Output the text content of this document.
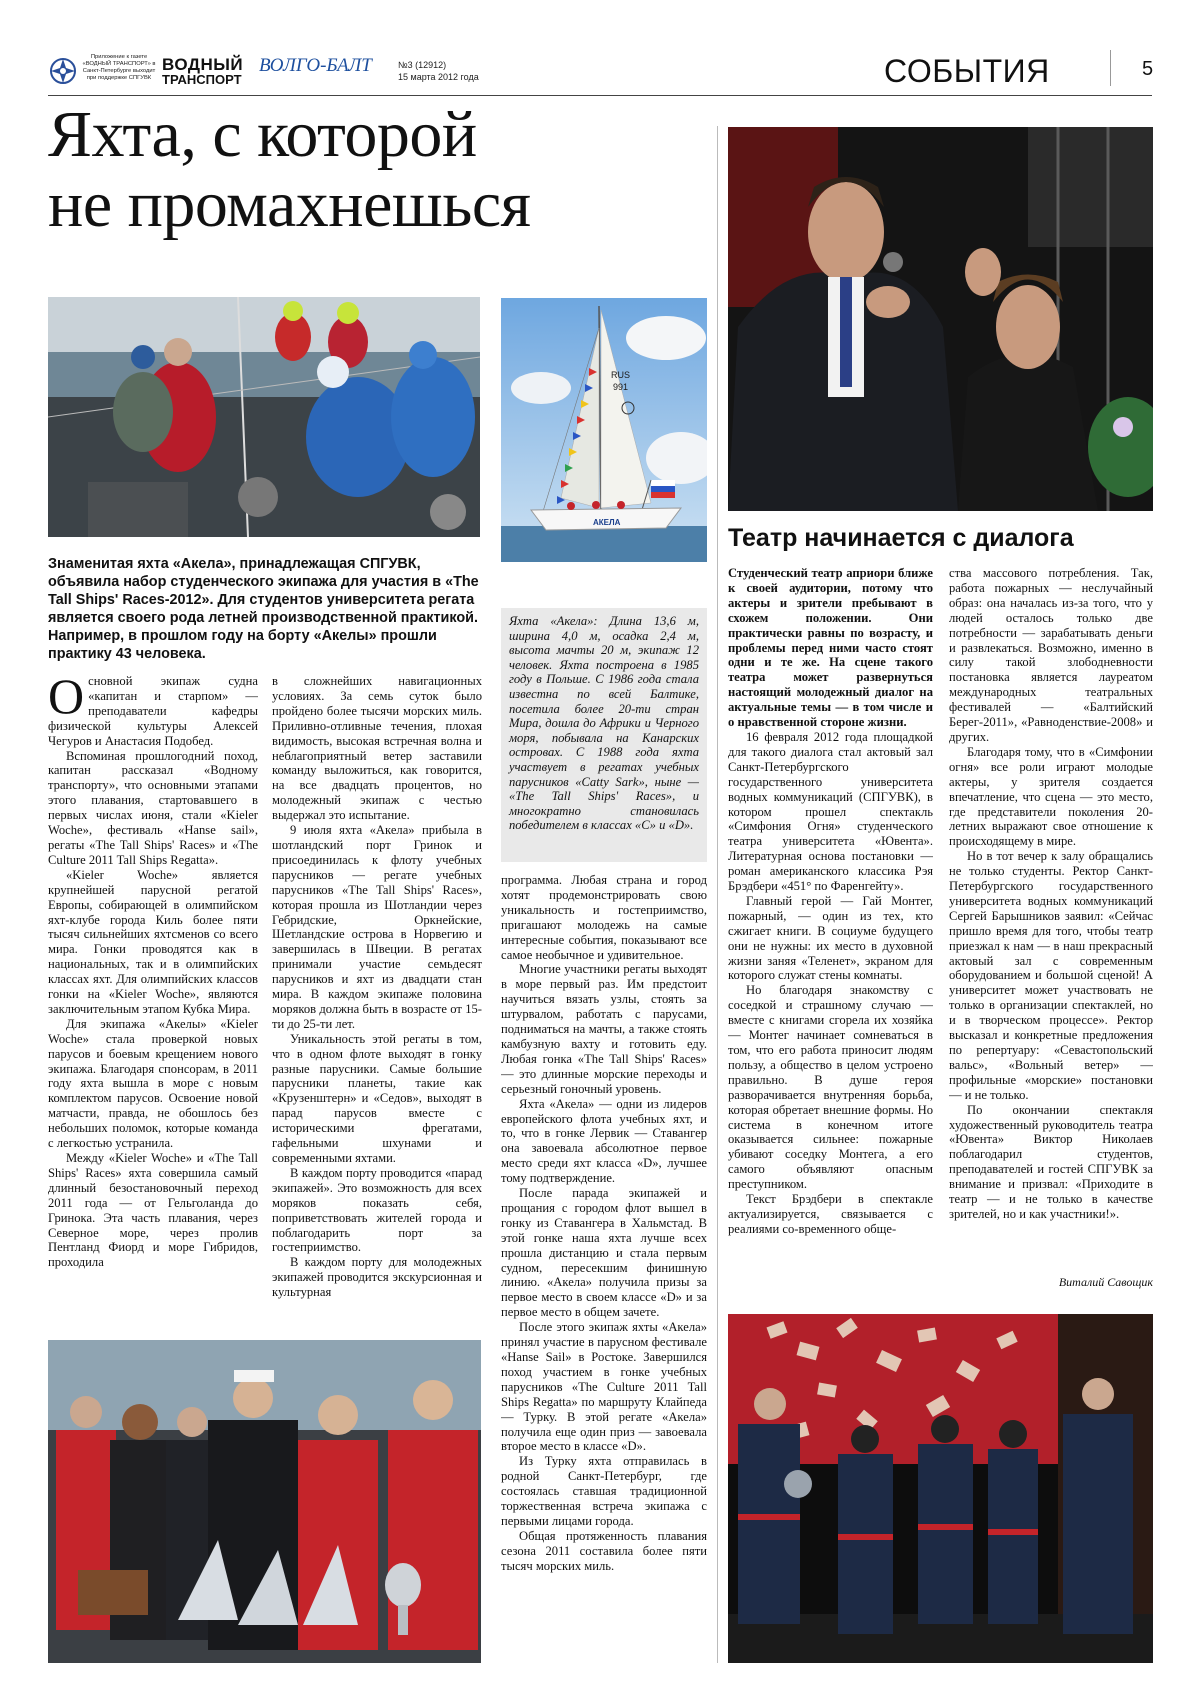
Приложение к газете «ВОДНЫЙ ТРАНСПОРТ» в Санкт-Петербурге выходит при поддержке СПГУВК
ВОДНЫЙ
ТРАНСПОРТ
ВОЛГО-БАЛТ	№3 (12912)
15 марта 2012 года	СОБЫТИЯ	5
Яхта, с которой
не промахнешься
RUS
991
АКЕЛА
Яхта «Акела»: Длина 13,6 м, ширина 4,0 м, осадка 2,4 м, высота мачты 20 м, экипаж 12 человек. Яхта построена в 1985 году в Польше. С 1986 года стала известна по всей Балтике, посетила более 20-ти стран Мира, дошла до Африки и Черного моря, побывала на Канарских островах. С 1988 года яхта участвует в регатах учебных парусников «Catty Sark», ныне — «The Tall Ships' Races», и многократно становилась победителем в классах «С» и «D».
Знаменитая яхта «Акела», принадлежащая СПГУВК, объявила набор студенческого экипажа для участия в «The Tall Ships' Races-2012». Для студентов университета регата является своего рода летней производственной практикой. Например, в прошлом году на борту «Акелы» прошли практику 43 человека.
О сновной экипаж судна «капитан и старпом» — преподаватели кафедры физической культуры Алексей Чегуров и Анастасия Подобед.

Вспоминая прошлогодний поход, капитан рассказал «Водному транспорту», что основными этапами этого плавания, стартовавшего в первых числах июня, стали «Kieler Woche», фестиваль «Hanse sail», регаты «The Tall Ships' Races» и «The Culture 2011 Tall Ships Regatta».

«Kieler Woche» является крупнейшей парусной регатой Европы, собирающей в олимпийском яхт-клубе города Киль более пяти тысяч сильнейших яхтсменов со всего мира. Гонки проводятся как в национальных, так и в олимпийских классах яхт. Для олимпийских классов гонки на «Kieler Woche», являются заключительным этапом Кубка Мира.

Для экипажа «Акелы» «Kieler Woche» стала проверкой новых парусов и боевым крещением нового экипажа. Благодаря спонсорам, в 2011 году яхта вышла в море с новым комплектом парусов. Освоение новой матчасти, правда, не обошлось без небольших поломок, которые команда с легкостью устранила.

Между «Kieler Woche» и «The Tall Ships' Races» яхта совершила самый длинный безостановочный переход 2011 года — от Гельголанда до Гринока. Эта часть плавания, через Северное море, через пролив Пентланд Фиорд и море Гибридов, проходила

в сложнейших навигационных условиях. За семь суток было пройдено более тысячи морских миль. Приливно-отливные течения, плохая видимость, высокая встречная волна и неблагоприятный ветер заставили команду выложиться, как говорится, на все двадцать процентов, но молодежный экипаж с честью выдержал это испытание.

9 июля яхта «Акела» прибыла в шотландский порт Гринок и присоединилась к флоту учебных парусников — регате учебных парусников «The Tall Ships' Races», которая прошла из Шотландии через Гебридские, Оркнейские, Шетландские острова в Норвегию и завершилась в Швеции. В регатах принимали участие семьдесят парусников и яхт из двадцати стан мира. В каждом экипаже половина моряков должна быть в возрасте от 15-ти до 25-ти лет.

Уникальность этой регаты в том, что в одном флоте выходят в гонку разные парусники. Самые большие парусники планеты, такие как «Крузенштерн» и «Седов», выходят в парад парусов вместе с историческими фрегатами, гафельными шхунами и современными яхтами.

В каждом порту проводится «парад экипажей». Это возможность для всех моряков показать себя, поприветствовать жителей города и поблагодарить порт за гостеприимство.

В каждом порту для молодежных экипажей проводится экскурсионная и культурная

программа. Любая страна и город хотят продемонстрировать свою уникальность и гостеприимство, пригашают молодежь на самые интересные события, показывают все самое необычное и удивительное.

Многие участники регаты выходят в море первый раз. Им предстоит научиться вязать узлы, стоять за штурвалом, работать с парусами, подниматься на мачты, а также стоять камбузную вахту и готовить еду. Любая гонка «The Tall Ships' Races» — это длинные морские переходы и серьезный гоночный уровень.

Яхта «Акела» — одни из лидеров европейского флота учебных яхт, и то, что в гонке Лервик — Ставангер она завоевала абсолютное первое место среди яхт класса «D», лучшее тому подтверждение.

После парада экипажей и прощания с городом флот вышел в гонку из Ставангера в Хальмстад. В этой гонке наша яхта лучше всех прошла дистанцию и стала первым судном, пересекшим финишную линию. «Акела» получила призы за первое место в своем классе «D» и за первое место в общем зачете.

После этого экипаж яхты «Акела» принял участие в парусном фестивале «Hanse Sail» в Ростоке. Завершился поход участием в гонке учебных парусников «The Culture 2011 Tall Ships Regatta» по маршруту Клайпеда — Турку. В этой регате «Акела» получила еще один приз — завоевала второе место в классе «D».

Из Турку яхта отправилась в родной Санкт-Петербург, где состоялась ставшая традиционной торжественная встреча экипажа с первыми лицами города.

Общая протяженность плавания сезона 2011 составила более пяти тысяч морских миль.

Театр начинается с диалога

Студенческий театр априори ближе к своей аудитории, потому что актеры и зрители пребывают в схожем положении. Они практически равны по возрасту, и проблемы перед ними часто стоят одни и те же. На сцене такого театра может развернуться настоящий молодежный диалог на актуальные темы — в том числе и о нравственной стороне жизни.

16 февраля 2012 года площадкой для такого диалога стал актовый зал Санкт-Петербургского государственного университета водных коммуникаций (СПГУВК), в котором прошел спектакль «Симфония Огня» студенческого театра университета «Ювента». Литературная основа постановки — роман американского классика Рэя Брэдбери «451° по Фаренгейту».

Главный герой — Гай Монтег, пожарный, — один из тех, кто сжигает книги. В социуме будущего они не нужны: их место в духовной жизни заняя «Теленет», экраном для которого служат стены комнаты.

Но благодаря знакомству с соседкой и страшному случаю — вместе с книгами сгорела их хозяйка — Монтег начинает сомневаться в том, что его работа приносит людям пользу, а общество в целом устроено правильно. В душе героя разворачивается внутренняя борьба, которая обретает внешние формы. Но система в конечном итоге оказывается сильнее: пожарные убивают соседку Монтега, а его самого объявляют опасным преступником.

Текст Брэдбери в спектакле актуализируется, связывается с реалиями со-временного обще-

ства массового потребления. Так, работа пожарных — неслучайный образ: она началась из-за того, что у людей осталось только две потребности — зарабатывать деньги и развлекаться. Возможно, именно в силу такой злободневности постановка является лауреатом международных театральных фестивалей — «Балтийский Берег-2011», «Равноденствие-2008» и других.

Благодаря тому, что в «Симфонии огня» все роли играют молодые актеры, у зрителя создается впечатление, что сцена — это место, где представители поколения 20-летних выражают свое отношение к происходящему в мире.

Но в тот вечер к залу обращались не только студенты. Ректор Санкт-Петербургского государственного университета водных коммуникаций Сергей Барышников заявил: «Сейчас пришло время для того, чтобы театр приезжал к нам — в наш прекрасный актовый зал с современным оборудованием и большой сценой! А университет может участвовать не только в организации спектаклей, но и в творческом процессе». Ректор высказал и конкретные предложения по репертуару: «Севастопольский вальс», «Вольный ветер» — профильные «морские» постановки — и не только.

По окончании спектакля художественный руководитель театра «Ювента» Виктор Николаев поблагодарил студентов, преподавателей и гостей СПГУВК за внимание и призвал: «Приходите в театр — и не только в качестве зрителей, но и как участники!».

Виталий Савощик
